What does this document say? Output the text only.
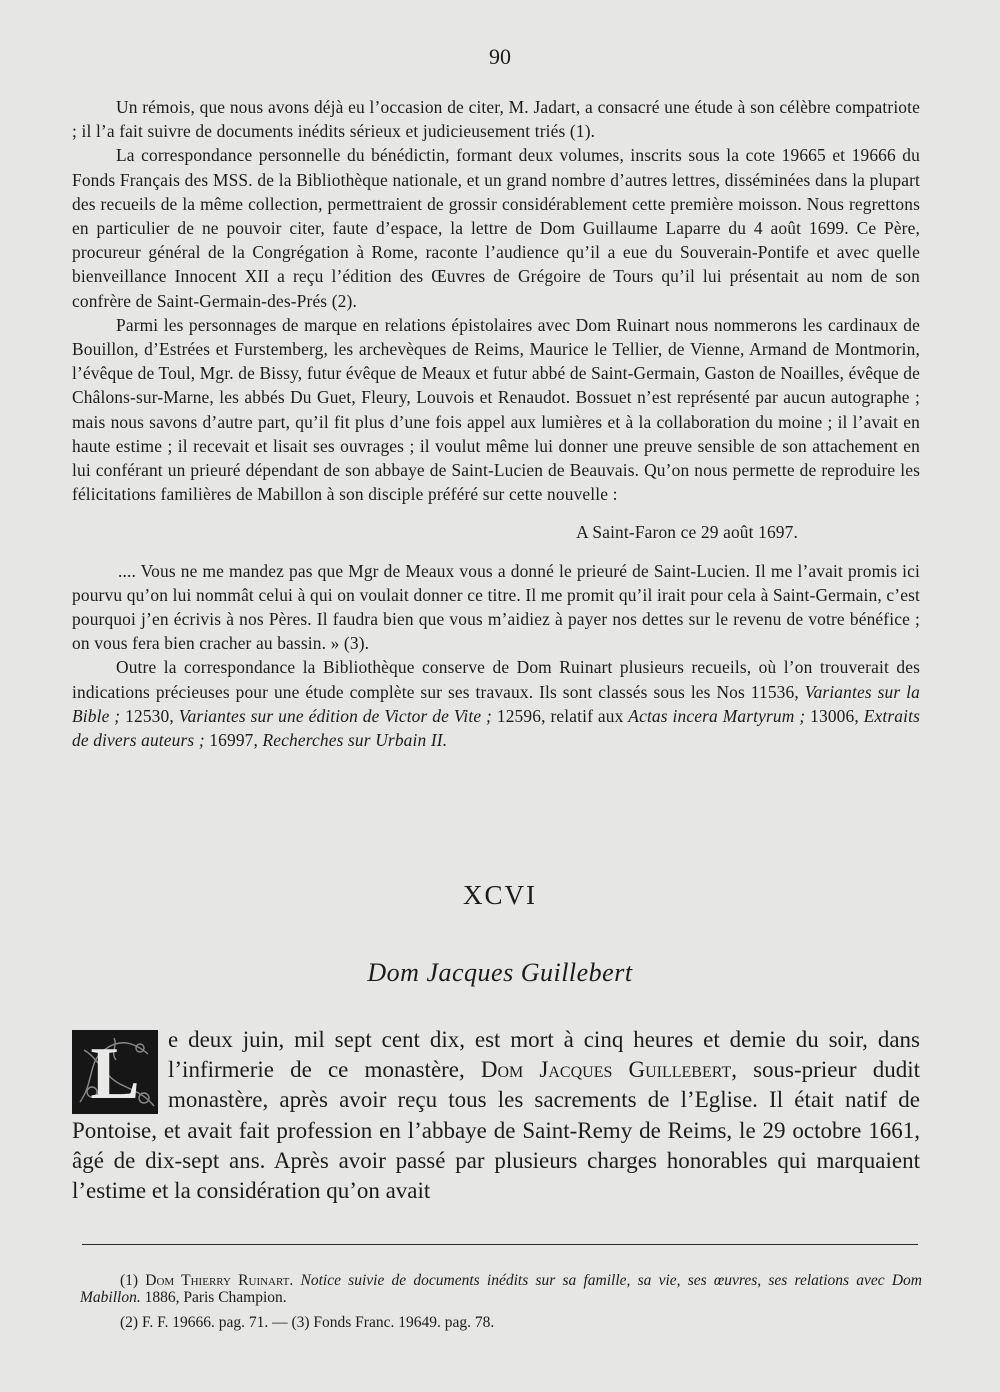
90

Un rémois, que nous avons déjà eu l’occasion de citer, M. Jadart, a consacré une étude à son célèbre compatriote ; il l’a fait suivre de documents inédits sérieux et judicieusement triés (1).

La correspondance personnelle du bénédictin, formant deux volumes, inscrits sous la cote 19665 et 19666 du Fonds Français des MSS. de la Bibliothèque nationale, et un grand nombre d’autres lettres, disséminées dans la plupart des recueils de la même collection, permettraient de grossir considérablement cette première moisson. Nous regrettons en particulier de ne pouvoir citer, faute d’espace, la lettre de Dom Guillaume Laparre du 4 août 1699. Ce Père, procureur général de la Congrégation à Rome, raconte l’audience qu’il a eue du Souverain-Pontife et avec quelle bienveillance Innocent XII a reçu l’édition des Œuvres de Grégoire de Tours qu’il lui présentait au nom de son confrère de Saint-Germain-des-Prés (2).

Parmi les personnages de marque en relations épistolaires avec Dom Ruinart nous nommerons les cardinaux de Bouillon, d’Estrées et Furstemberg, les archevèques de Reims, Maurice le Tellier, de Vienne, Armand de Montmorin, l’évêque de Toul, Mgr. de Bissy, futur évêque de Meaux et futur abbé de Saint-Germain, Gaston de Noailles, évêque de Châlons-sur-Marne, les abbés Du Guet, Fleury, Louvois et Renaudot. Bossuet n’est représenté par aucun autographe ; mais nous savons d’autre part, qu’il fit plus d’une fois appel aux lumières et à la collaboration du moine ; il l’avait en haute estime ; il recevait et lisait ses ouvrages ; il voulut même lui donner une preuve sensible de son attachement en lui conférant un prieuré dépendant de son abbaye de Saint-Lucien de Beauvais. Qu’on nous permette de reproduire les félicitations familières de Mabillon à son disciple préféré sur cette nouvelle :

A Saint-Faron ce 29 août 1697.

.... Vous ne me mandez pas que Mgr de Meaux vous a donné le prieuré de Saint-Lucien. Il me l’avait promis ici pourvu qu’on lui nommât celui à qui on voulait donner ce titre. Il me promit qu’il irait pour cela à Saint-Germain, c’est pourquoi j’en écrivis à nos Pères. Il faudra bien que vous m’aidiez à payer nos dettes sur le revenu de votre bénéfice ; on vous fera bien cracher au bassin. » (3).

Outre la correspondance la Bibliothèque conserve de Dom Ruinart plusieurs recueils, où l’on trouverait des indications précieuses pour une étude complète sur ses travaux. Ils sont classés sous les Nos 11536, Variantes sur la Bible ; 12530, Variantes sur une édition de Victor de Vite ; 12596, relatif aux Actas incera Martyrum ; 13006, Extraits de divers auteurs ; 16997, Recherches sur Urbain II.

XCVI
Dom Jacques Guillebert
L	e deux juin, mil sept cent dix, est mort à cinq heures et demie du soir, dans l’infirmerie de ce monastère, Dom Jacques Guillebert, sous-prieur dudit monastère, après avoir reçu tous les sacrements de l’Eglise. Il était natif de Pontoise, et avait fait profession en l’abbaye de Saint-Remy de Reims, le 29 octobre 1661, âgé de dix-sept ans. Après avoir passé par plusieurs charges honorables qui marquaient l’estime et la considération qu’on avait

(1) Dom Thierry Ruinart. Notice suivie de documents inédits sur sa famille, sa vie, ses œuvres, ses relations avec Dom Mabillon. 1886, Paris Champion.

(2) F. F. 19666. pag. 71. — (3) Fonds Franc. 19649. pag. 78.
